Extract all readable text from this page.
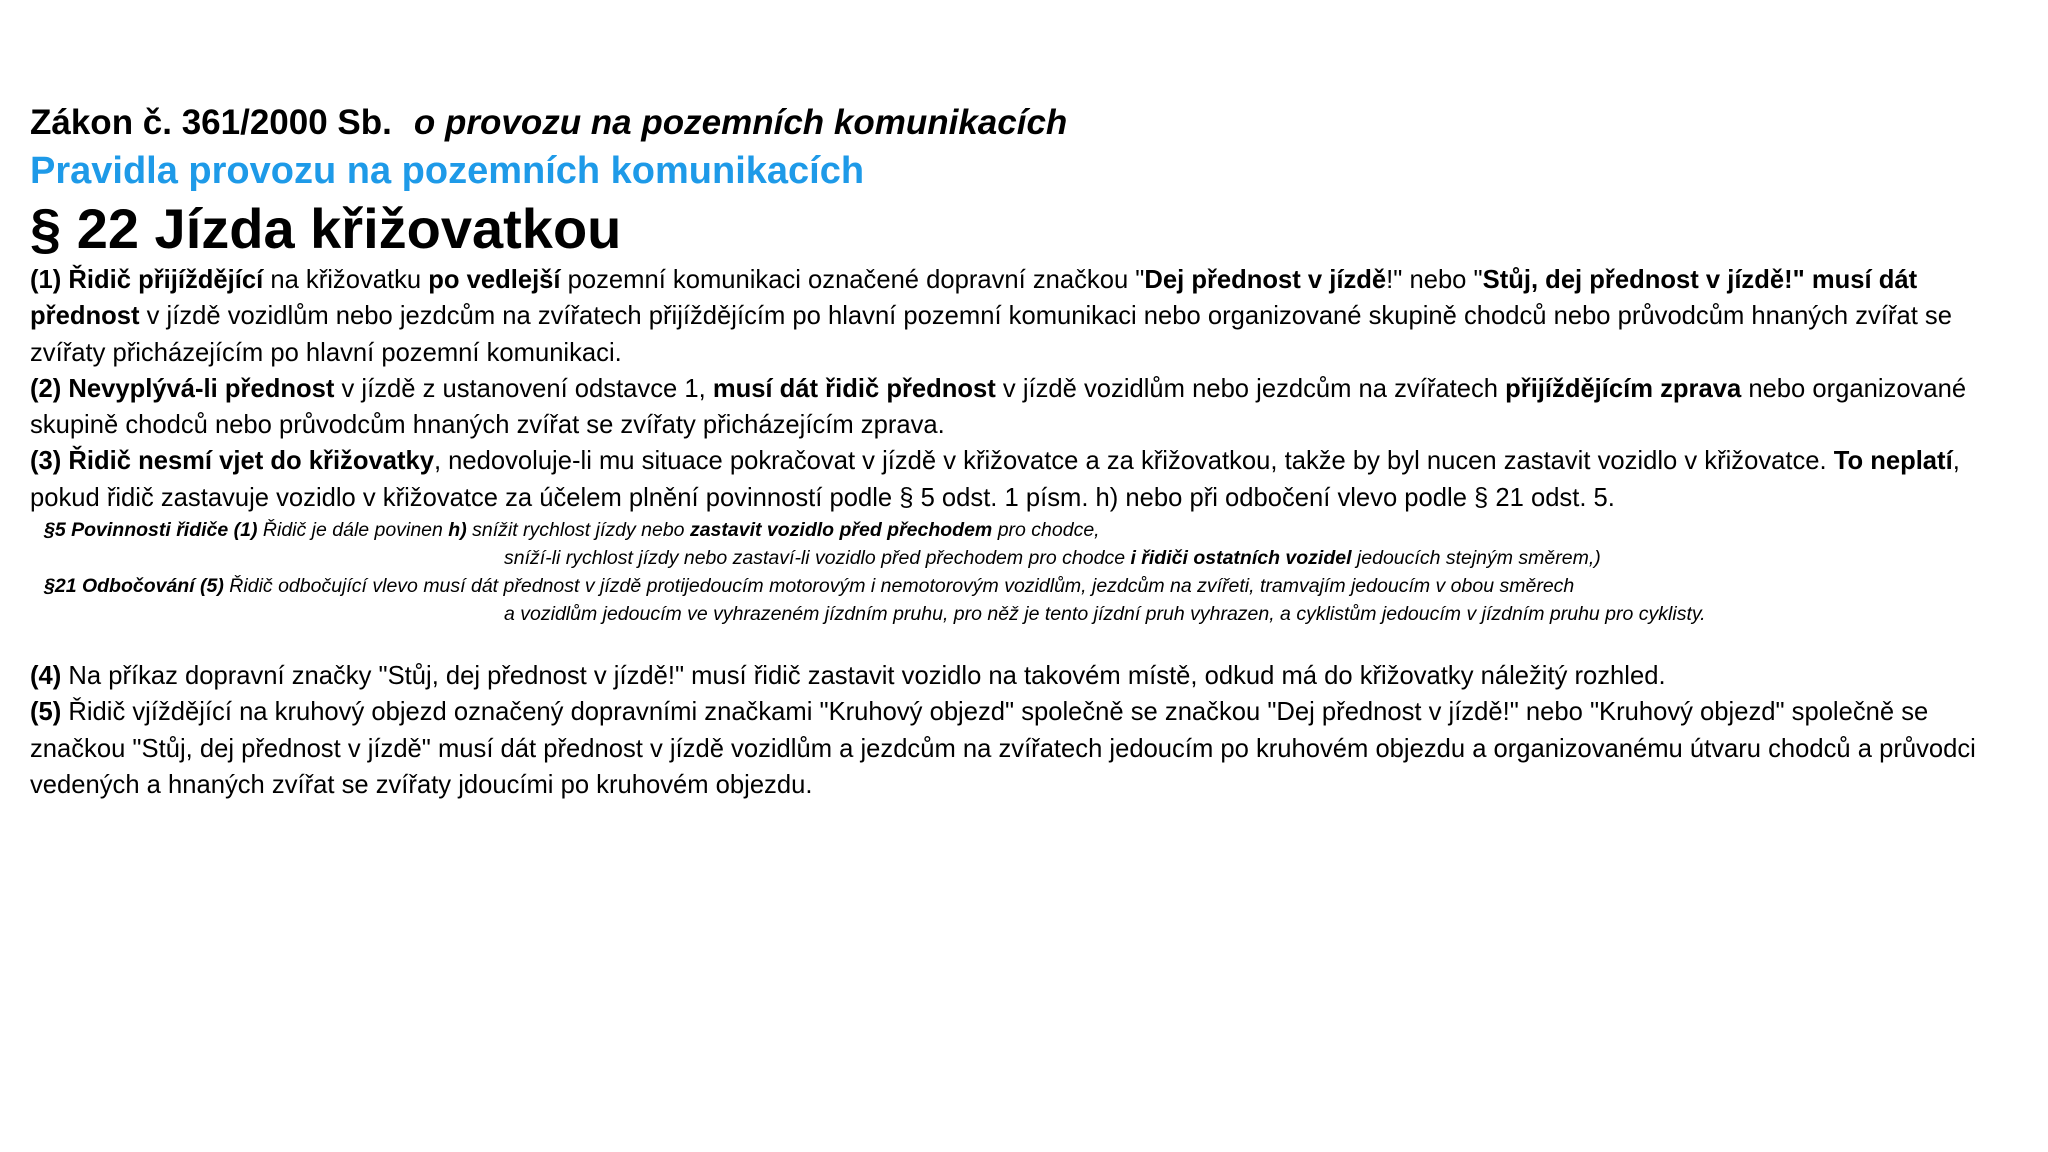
Zákon č. 361/2000 Sb. o provozu na pozemních komunikacích
Pravidla provozu na pozemních komunikacích
§ 22 Jízda křižovatkou

(1) Řidič přijíždějící na křižovatku po vedlejší pozemní komunikaci označené dopravní značkou "Dej přednost v jízdě!" nebo "Stůj, dej přednost v jízdě!" musí dát přednost v jízdě vozidlům nebo jezdcům na zvířatech přijíždějícím po hlavní pozemní komunikaci nebo organizované skupině chodců nebo průvodcům hnaných zvířat se zvířaty přicházejícím po hlavní pozemní komunikaci.

(2) Nevyplývá-li přednost v jízdě z ustanovení odstavce 1, musí dát řidič přednost v jízdě vozidlům nebo jezdcům na zvířatech přijíždějícím zprava nebo organizované skupině chodců nebo průvodcům hnaných zvířat se zvířaty přicházejícím zprava.

(3) Řidič nesmí vjet do křižovatky, nedovoluje-li mu situace pokračovat v jízdě v křižovatce a za křižovatkou, takže by byl nucen zastavit vozidlo v křižovatce. To neplatí, pokud řidič zastavuje vozidlo v křižovatce za účelem plnění povinností podle § 5 odst. 1 písm. h) nebo při odbočení vlevo podle § 21 odst. 5.

§5 Povinnosti řidiče (1) Řidič je dále povinen h) snížit rychlost jízdy nebo zastavit vozidlo před přechodem pro chodce,

sníží-li rychlost jízdy nebo zastaví-li vozidlo před přechodem pro chodce i řidiči ostatních vozidel jedoucích stejným směrem,)

§21 Odbočování (5) Řidič odbočující vlevo musí dát přednost v jízdě protijedoucím motorovým i nemotorovým vozidlům, jezdcům na zvířeti, tramvajím jedoucím v obou směrech

a vozidlům jedoucím ve vyhrazeném jízdním pruhu, pro něž je tento jízdní pruh vyhrazen, a cyklistům jedoucím v jízdním pruhu pro cyklisty.

(4) Na příkaz dopravní značky "Stůj, dej přednost v jízdě!" musí řidič zastavit vozidlo na takovém místě, odkud má do křižovatky náležitý rozhled.

(5) Řidič vjíždějící na kruhový objezd označený dopravními značkami "Kruhový objezd" společně se značkou "Dej přednost v jízdě!" nebo "Kruhový objezd" společně se značkou "Stůj, dej přednost v jízdě" musí dát přednost v jízdě vozidlům a jezdcům na zvířatech jedoucím po kruhovém objezdu a organizovanému útvaru chodců a průvodci vedených a hnaných zvířat se zvířaty jdoucími po kruhovém objezdu.
